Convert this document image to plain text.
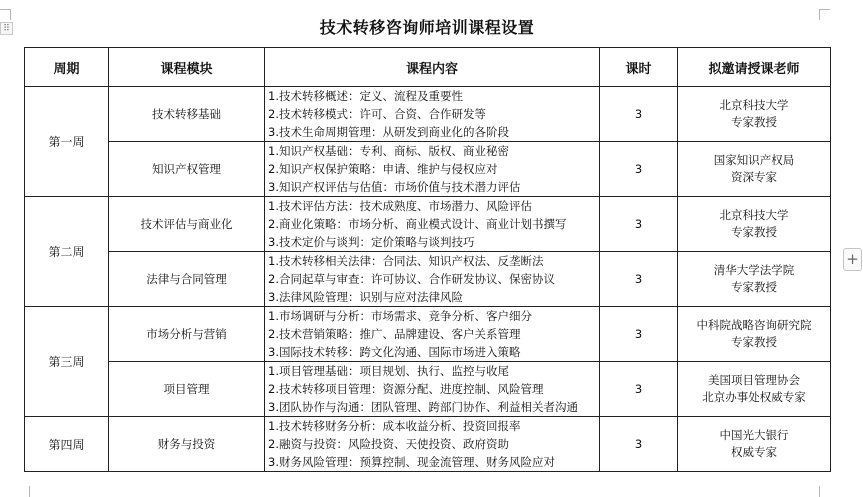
⠿
+
技术转移咨询师培训课程设置
周期	课程模块	课程内容	课时	拟邀请授课老师
第一周	技术转移基础	1.技术转移概述：定义、流程及重要性
2.技术转移模式：许可、合资、合作研发等
3.技术生命周期管理：从研发到商业化的各阶段	3	北京科技大学
专家教授

	知识产权管理	1.知识产权基础：专利、商标、版权、商业秘密
2.知识产权保护策略：申请、维护与侵权应对
3.知识产权评估与估值：市场价值与技术潜力评估	3	国家知识产权局
资深专家

第二周	技术评估与商业化	1.技术评估方法：技术成熟度、市场潜力、风险评估
2.商业化策略：市场分析、商业模式设计、商业计划书撰写
3.技术定价与谈判：定价策略与谈判技巧	3	北京科技大学
专家教授

	法律与合同管理	1.技术转移相关法律：合同法、知识产权法、反垄断法
2.合同起草与审查：许可协议、合作研发协议、保密协议
3.法律风险管理：识别与应对法律风险	3	清华大学法学院
专家教授

第三周	市场分析与营销	1.市场调研与分析：市场需求、竞争分析、客户细分
2.技术营销策略：推广、品牌建设、客户关系管理
3.国际技术转移：跨文化沟通、国际市场进入策略	3	中科院战略咨询研究院
专家教授

	项目管理	1.项目管理基础：项目规划、执行、监控与收尾
2.技术转移项目管理：资源分配、进度控制、风险管理
3.团队协作与沟通：团队管理、跨部门协作、利益相关者沟通	3	美国项目管理协会
北京办事处权威专家

第四周	财务与投资	1.技术转移财务分析：成本收益分析、投资回报率
2.融资与投资：风险投资、天使投资、政府资助
3.财务风险管理：预算控制、现金流管理、财务风险应对	3	中国光大银行
权威专家
